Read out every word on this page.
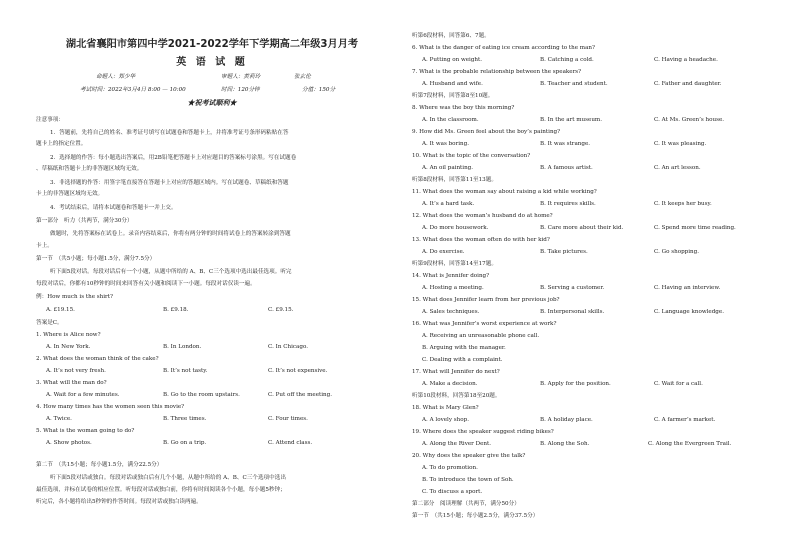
湖北省襄阳市第四中学2021-2022学年下学期高二年级3月月考
英 语 试 题
命题人：郑少华	审题人：黄莉玲	张玄伦
考试时间：2022年3月4日 8:00 — 10:00	时间：120分钟	分值：150分
★祝考试顺利★
注意事项：
1．答题前，先将自己的姓名、准考证号填写在试题卷和答题卡上，并将准考证号条形码粘贴在答
题卡上的指定位置。
2．选择题的作答：每小题选出答案后，用2B铅笔把答题卡上对应题目的答案标号涂黑。写在试题卷
、草稿纸和答题卡上的非答题区域均无效。
3．非选择题的作答：用签字笔直接答在答题卡上对应的答题区域内。写在试题卷、草稿纸和答题
卡上的非答题区域均无效。
4．考试结束后，请将本试题卷和答题卡一并上交。
第一部分　听力（共两节，满分30分）
做题时，先将答案标在试卷上。录音内容结束后，你将有两分钟的时间将试卷上的答案转涂到答题
卡上。
第一节　（共5小题；每小题1.5分，满分7.5分）
听下面5段对话。每段对话后有一个小题，从题中所给的 A、B、C三个选项中选出最佳选项。听完
每段对话后，你都有10秒钟的时间来回答有关小题和阅读下一小题。每段对话仅读一遍。
例：How much is the shirt?
A. £19.15.	B. £9.18.	C. £9.15.
答案是C。
1. Where is Alice now?
A. In New York.	B. In London.	C. In Chicago.
2. What does the woman think of the cake?
A. It’s not very fresh.	B. It’s not tasty.	C. It’s not expensive.
3. What will the man do?
A. Wait for a few minutes.	B. Go to the room upstairs.	C. Put off the meeting.
4. How many times has the women seen this movie?
A. Twice.	B. Three times.	C. Four times.
5. What is the woman going to do?
A. Show photos.	B. Go on a trip.	C. Attend class.
第二节　（共15小题；每小题1.5分，满分22.5分）
听下面5段对话或独白。每段对话或独白后有几个小题，从题中所给的 A、B、C三个选项中选出
最佳选项，并标在试卷的相应位置。听每段对话或独白前，你将有时间阅读各个小题，每小题5秒钟；
听完后，各小题将给出5秒钟的作答时间。每段对话或独白读两遍。
听第6段材料，回答第6、7题。
6. What is the danger of eating ice cream according to the man?
A. Putting on weight.	B. Catching a cold.	C. Having a headache.
7. What is the probable relationship between the speakers?
A. Husband and wife.	B. Teacher and student.	C. Father and daughter.
听第7段材料，回答第8至10题。
8. Where was the boy this morning?
A. In the classroom.	B. In the art museum.	C. At Ms. Green’s house.
9. How did Ms. Green feel about the boy’s painting?
A. It was boring.	B. It was strange.	C. It was pleasing.
10. What is the topic of the conversation?
A. An oil painting.	B. A famous artist.	C. An art lesson.
听第8段材料，回答第11至13题。
11. What does the woman say about raising a kid while working?
A. It’s a hard task.	B. It requires skills.	C. It keeps her busy.
12. What does the woman’s husband do at home?
A. Do more housework.	B. Care more about their kid.	C. Spend more time reading.
13. What does the woman often do with her kid?
A. Do exercise.	B. Take pictures.	C. Go shopping.
听第9段材料，回答第14至17题。
14. What is Jennifer doing?
A. Hosting a meeting.	B. Serving a customer.	C. Having an interview.
15. What does Jennifer learn from her previous job?
A. Sales techniques.	B. Interpersonal skills.	C. Language knowledge.
16. What was Jennifer’s worst experience at work?
A. Receiving an unreasonable phone call.
B. Arguing with the manager.
C. Dealing with a complaint.
17. What will Jennifer do next?
A. Make a decision.	B. Apply for the position.	C. Wait for a call.
听第10段材料，回答第18至20题。
18. What is Mary Glen?
A. A lovely shop.	B. A holiday place.	C. A farmer’s market.
19. Where does the speaker suggest riding bikes?
A. Along the River Dent.	B. Along the Soh.	C. Along the Evergreen Trail.
20. Why does the speaker give the talk?
A. To do promotion.
B. To introduce the town of Soh.
C. To discuss a sport.
第二部分　阅读理解（共两节，满分50分）
第一节　（共15小题；每小题2.5分，满分37.5分）
